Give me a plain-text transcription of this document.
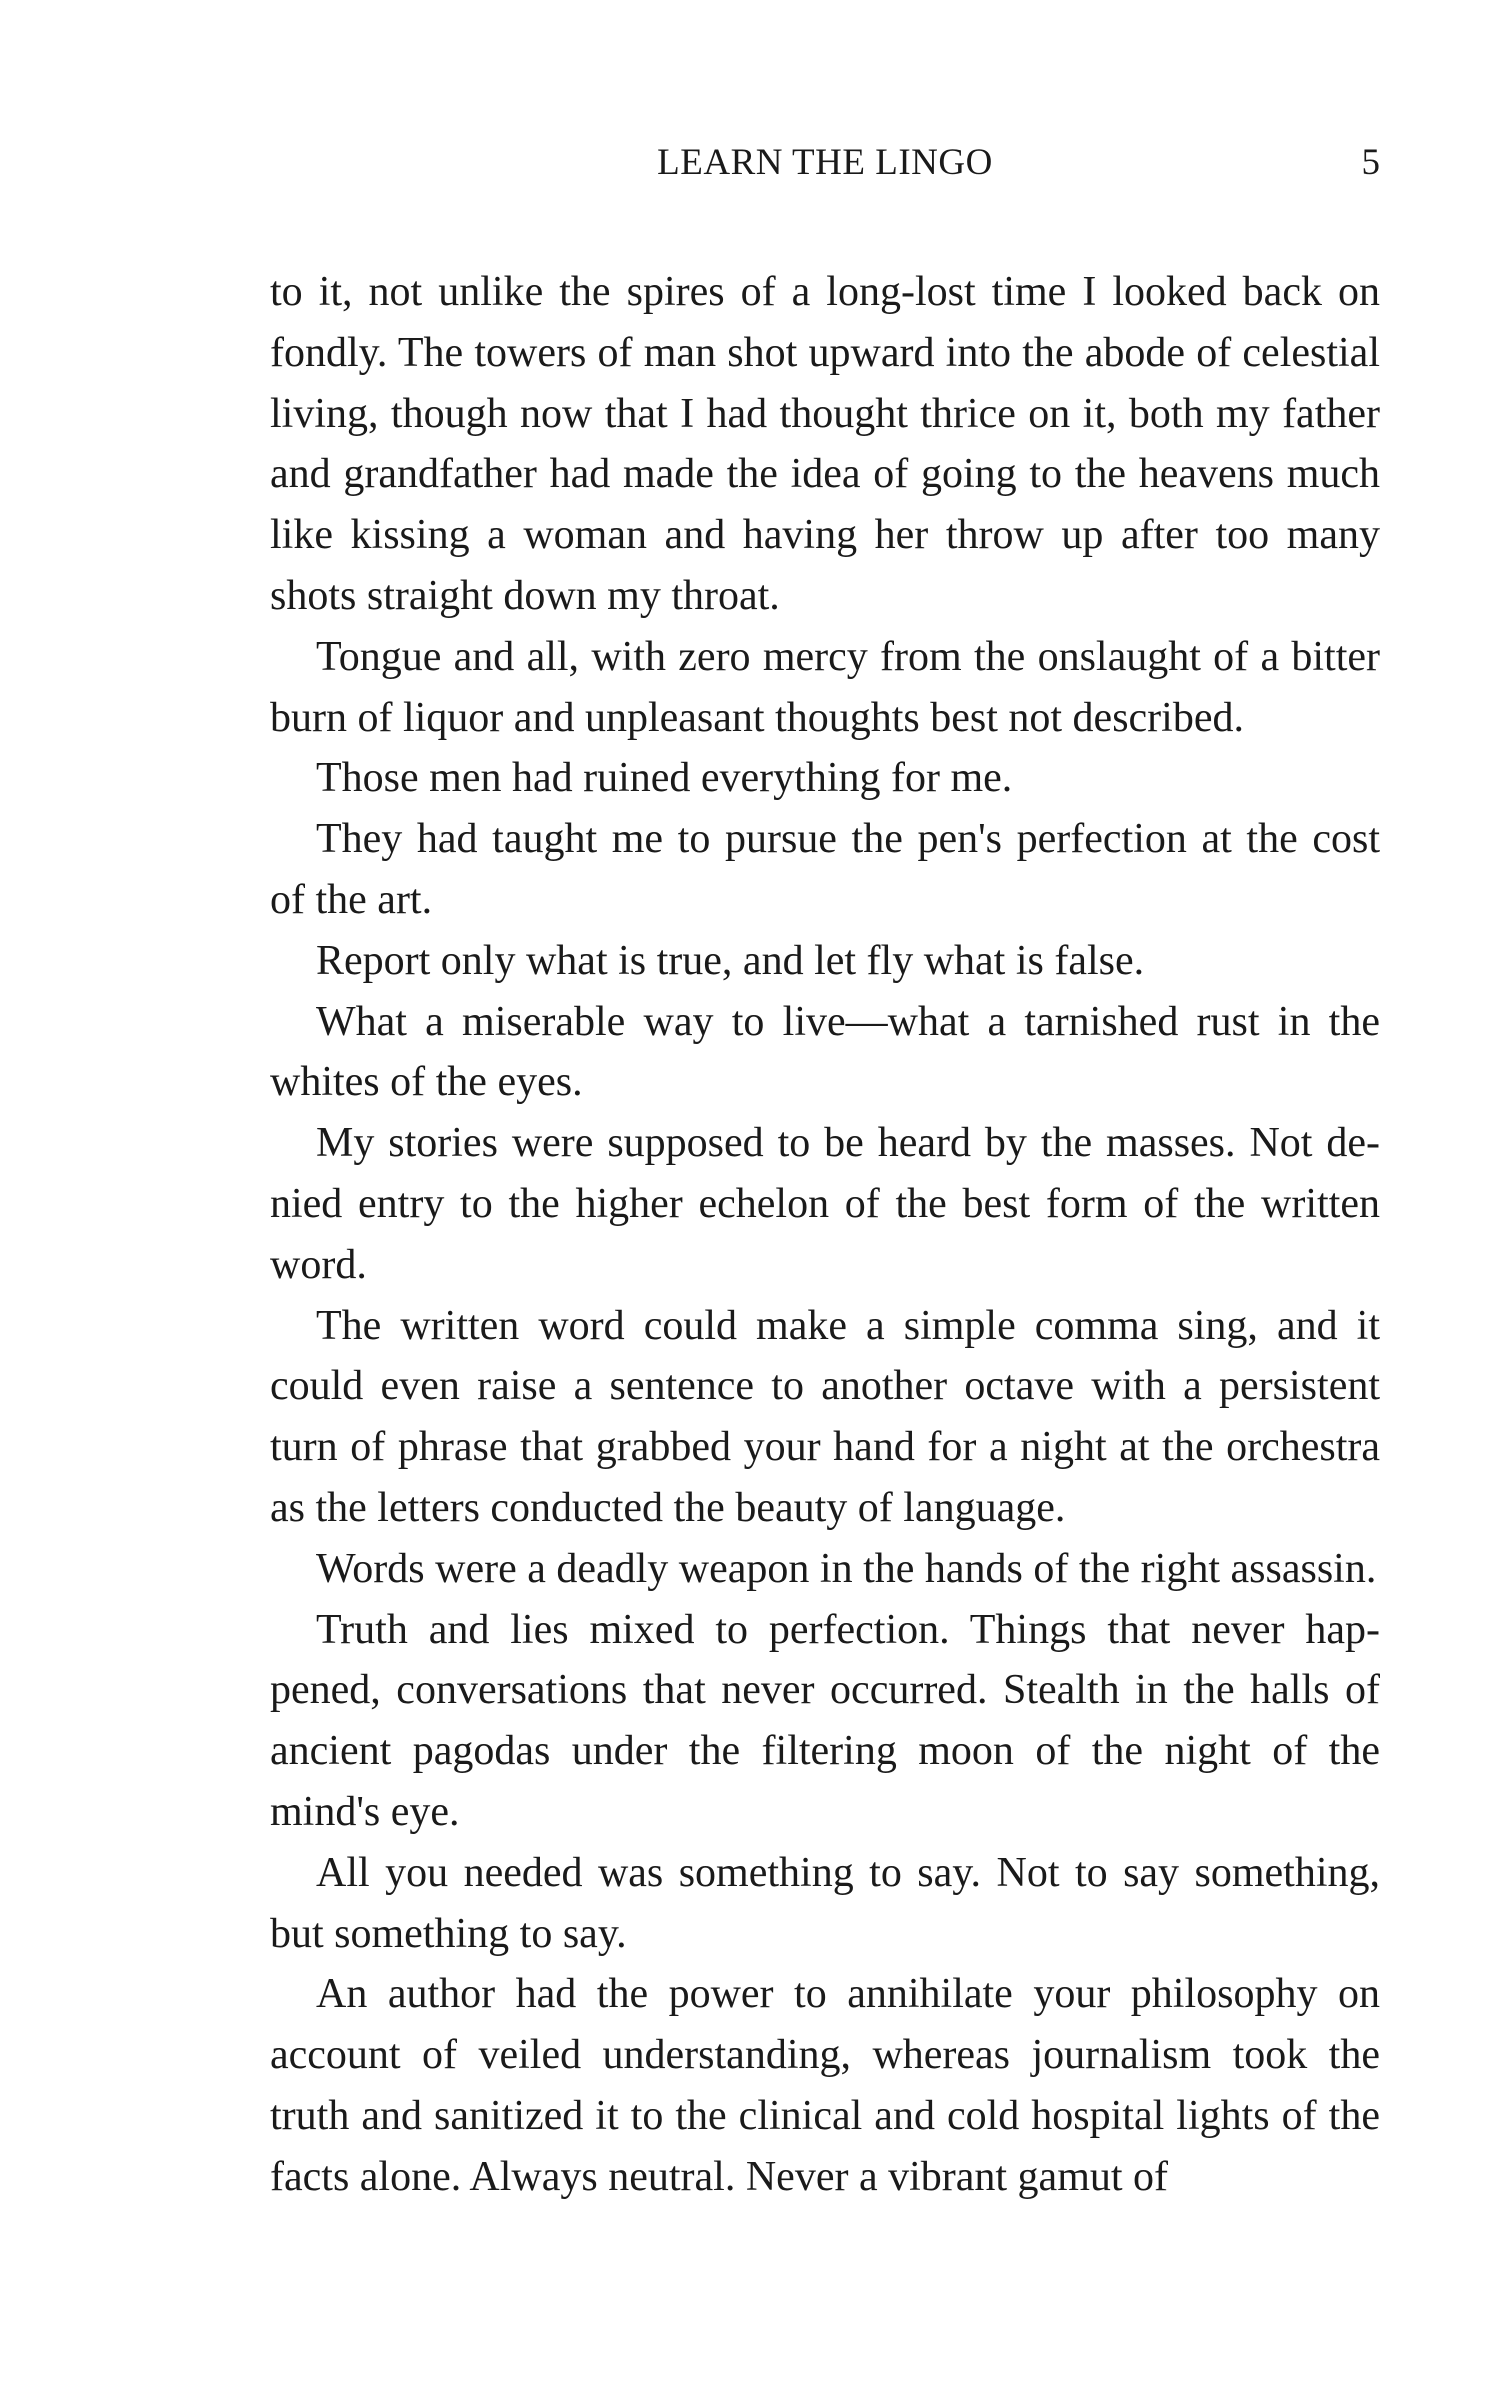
LEARN THE LINGO	5

to it, not unlike the spires of a long-lost time I looked back on fondly. The towers of man shot upward into the abode of celestial living, though now that I had thought thrice on it, both my father and grandfather had made the idea of going to the heavens much like kissing a woman and having her throw up after too many shots straight down my throat.

Tongue and all, with zero mercy from the onslaught of a bitter burn of liquor and unpleasant thoughts best not described.

Those men had ruined everything for me.

They had taught me to pursue the pen's perfection at the cost of the art.

Report only what is true, and let fly what is false.

What a miserable way to live—what a tarnished rust in the whites of the eyes.

My stories were supposed to be heard by the masses. Not denied entry to the higher echelon of the best form of the written word.

The written word could make a simple comma sing, and it could even raise a sentence to another octave with a persistent turn of phrase that grabbed your hand for a night at the orchestra as the letters conducted the beauty of language.

Words were a deadly weapon in the hands of the right assassin.

Truth and lies mixed to perfection. Things that never happened, conversations that never occurred. Stealth in the halls of ancient pagodas under the filtering moon of the night of the mind's eye.

All you needed was something to say. Not to say something, but something to say.

An author had the power to annihilate your philosophy on account of veiled understanding, whereas journalism took the truth and sanitized it to the clinical and cold hospital lights of the facts alone. Always neutral. Never a vibrant gamut of
